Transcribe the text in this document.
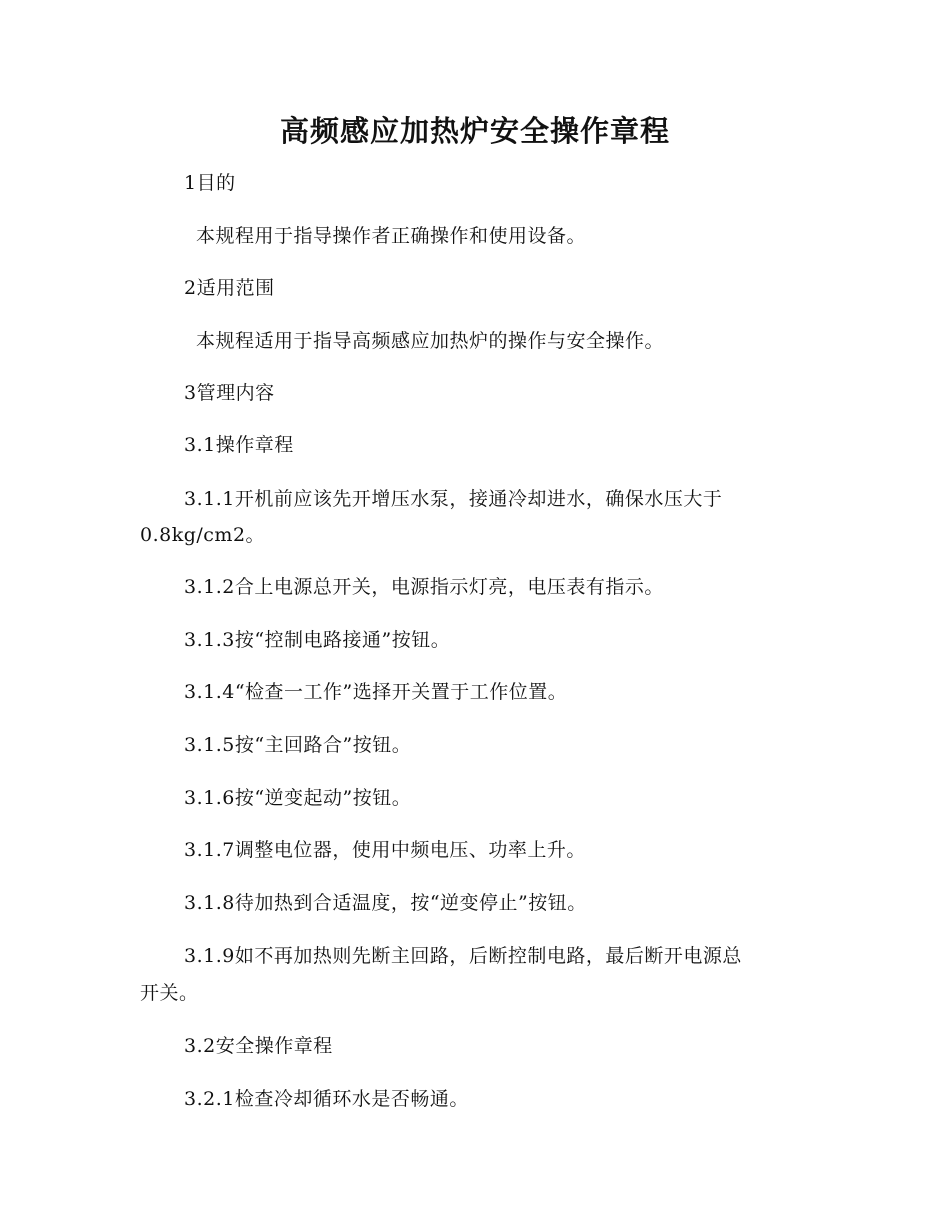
高频感应加热炉安全操作章程

1目的

本规程用于指导操作者正确操作和使用设备。

2适用范围

本规程适用于指导高频感应加热炉的操作与安全操作。

3管理内容

3.1操作章程

3.1.1开机前应该先开增压水泵，接通冷却进水，确保水压大于

0.8kg/cm2。

3.1.2合上电源总开关，电源指示灯亮，电压表有指示。

3.1.3按“控制电路接通”按钮。

3.1.4“检查一工作”选择开关置于工作位置。

3.1.5按“主回路合”按钮。

3.1.6按“逆变起动”按钮。

3.1.7调整电位器，使用中频电压、功率上升。

3.1.8待加热到合适温度，按“逆变停止”按钮。

3.1.9如不再加热则先断主回路，后断控制电路，最后断开电源总

开关。

3.2安全操作章程

3.2.1检查冷却循环水是否畅通。
